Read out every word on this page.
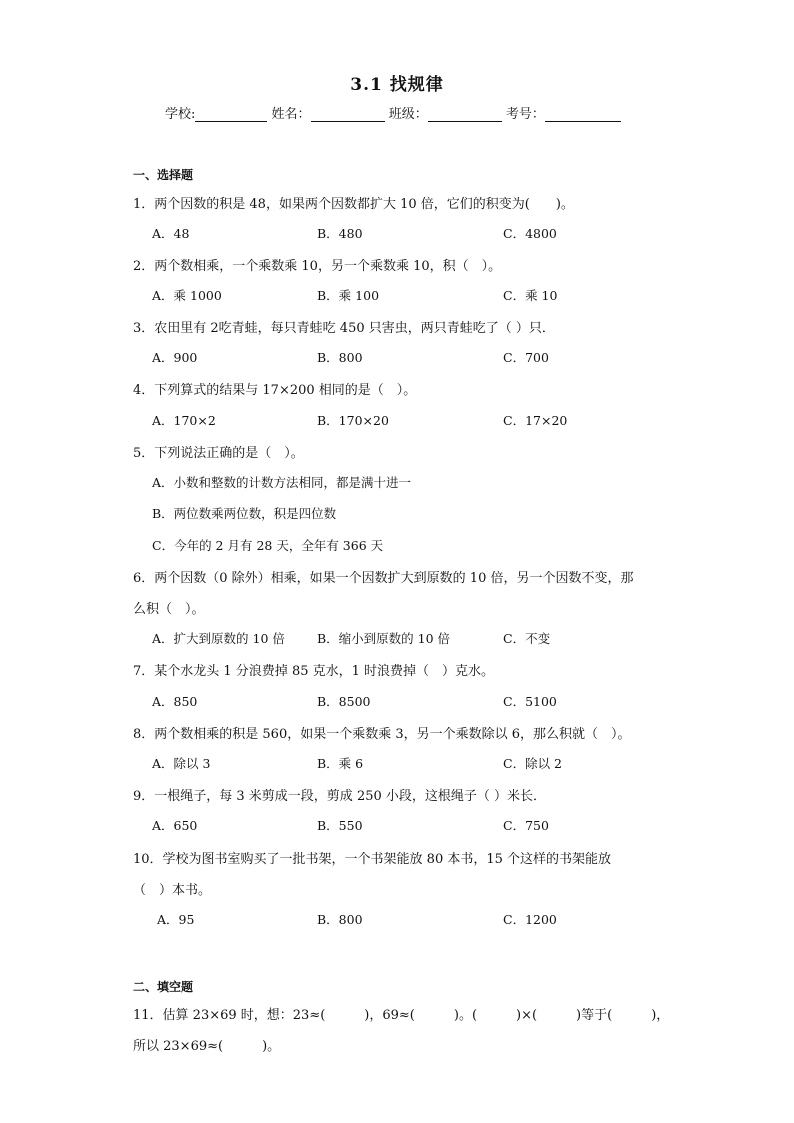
3.1 找规律
学校:	姓名：	班级：	考号：
一、选择题
1．两个因数的积是 48，如果两个因数都扩大 10 倍，它们的积变为(　　)。
A．48	B．480	C．4800
2．两个数相乘，一个乘数乘 10，另一个乘数乘 10，积（　）。
A．乘 1000	B．乘 100	C．乘 10
3．农田里有 2吃青蛙，每只青蛙吃 450 只害虫，两只青蛙吃了（ ）只．
A．900	B．800	C．700
4．下列算式的结果与 17×200 相同的是（　）。
A．170×2	B．170×20	C．17×20
5．下列说法正确的是（　）。
A．小数和整数的计数方法相同，都是满十进一
B．两位数乘两位数，积是四位数
C．今年的 2 月有 28 天，全年有 366 天
6．两个因数（0 除外）相乘，如果一个因数扩大到原数的 10 倍，另一个因数不变，那
么积（　）。
A．扩大到原数的 10 倍	B．缩小到原数的 10 倍	C．不变
7．某个水龙头 1 分浪费掉 85 克水，1 时浪费掉（　）克水。
A．850	B．8500	C．5100
8．两个数相乘的积是 560，如果一个乘数乘 3，另一个乘数除以 6，那么积就（　）。
A．除以 3	B．乘 6	C．除以 2
9．一根绳子，每 3 米剪成一段，剪成 250 小段，这根绳子（ ）米长．
A．650	B．550	C．750
10．学校为图书室购买了一批书架，一个书架能放 80 本书，15 个这样的书架能放
（　）本书。
A．95	B．800	C．1200
二、填空题
11．估算 23×69 时，想：23≈(　　　)，69≈(　　　)。(　　　)×(　　　)等于(　　　)，
所以 23×69≈(　　　)。
